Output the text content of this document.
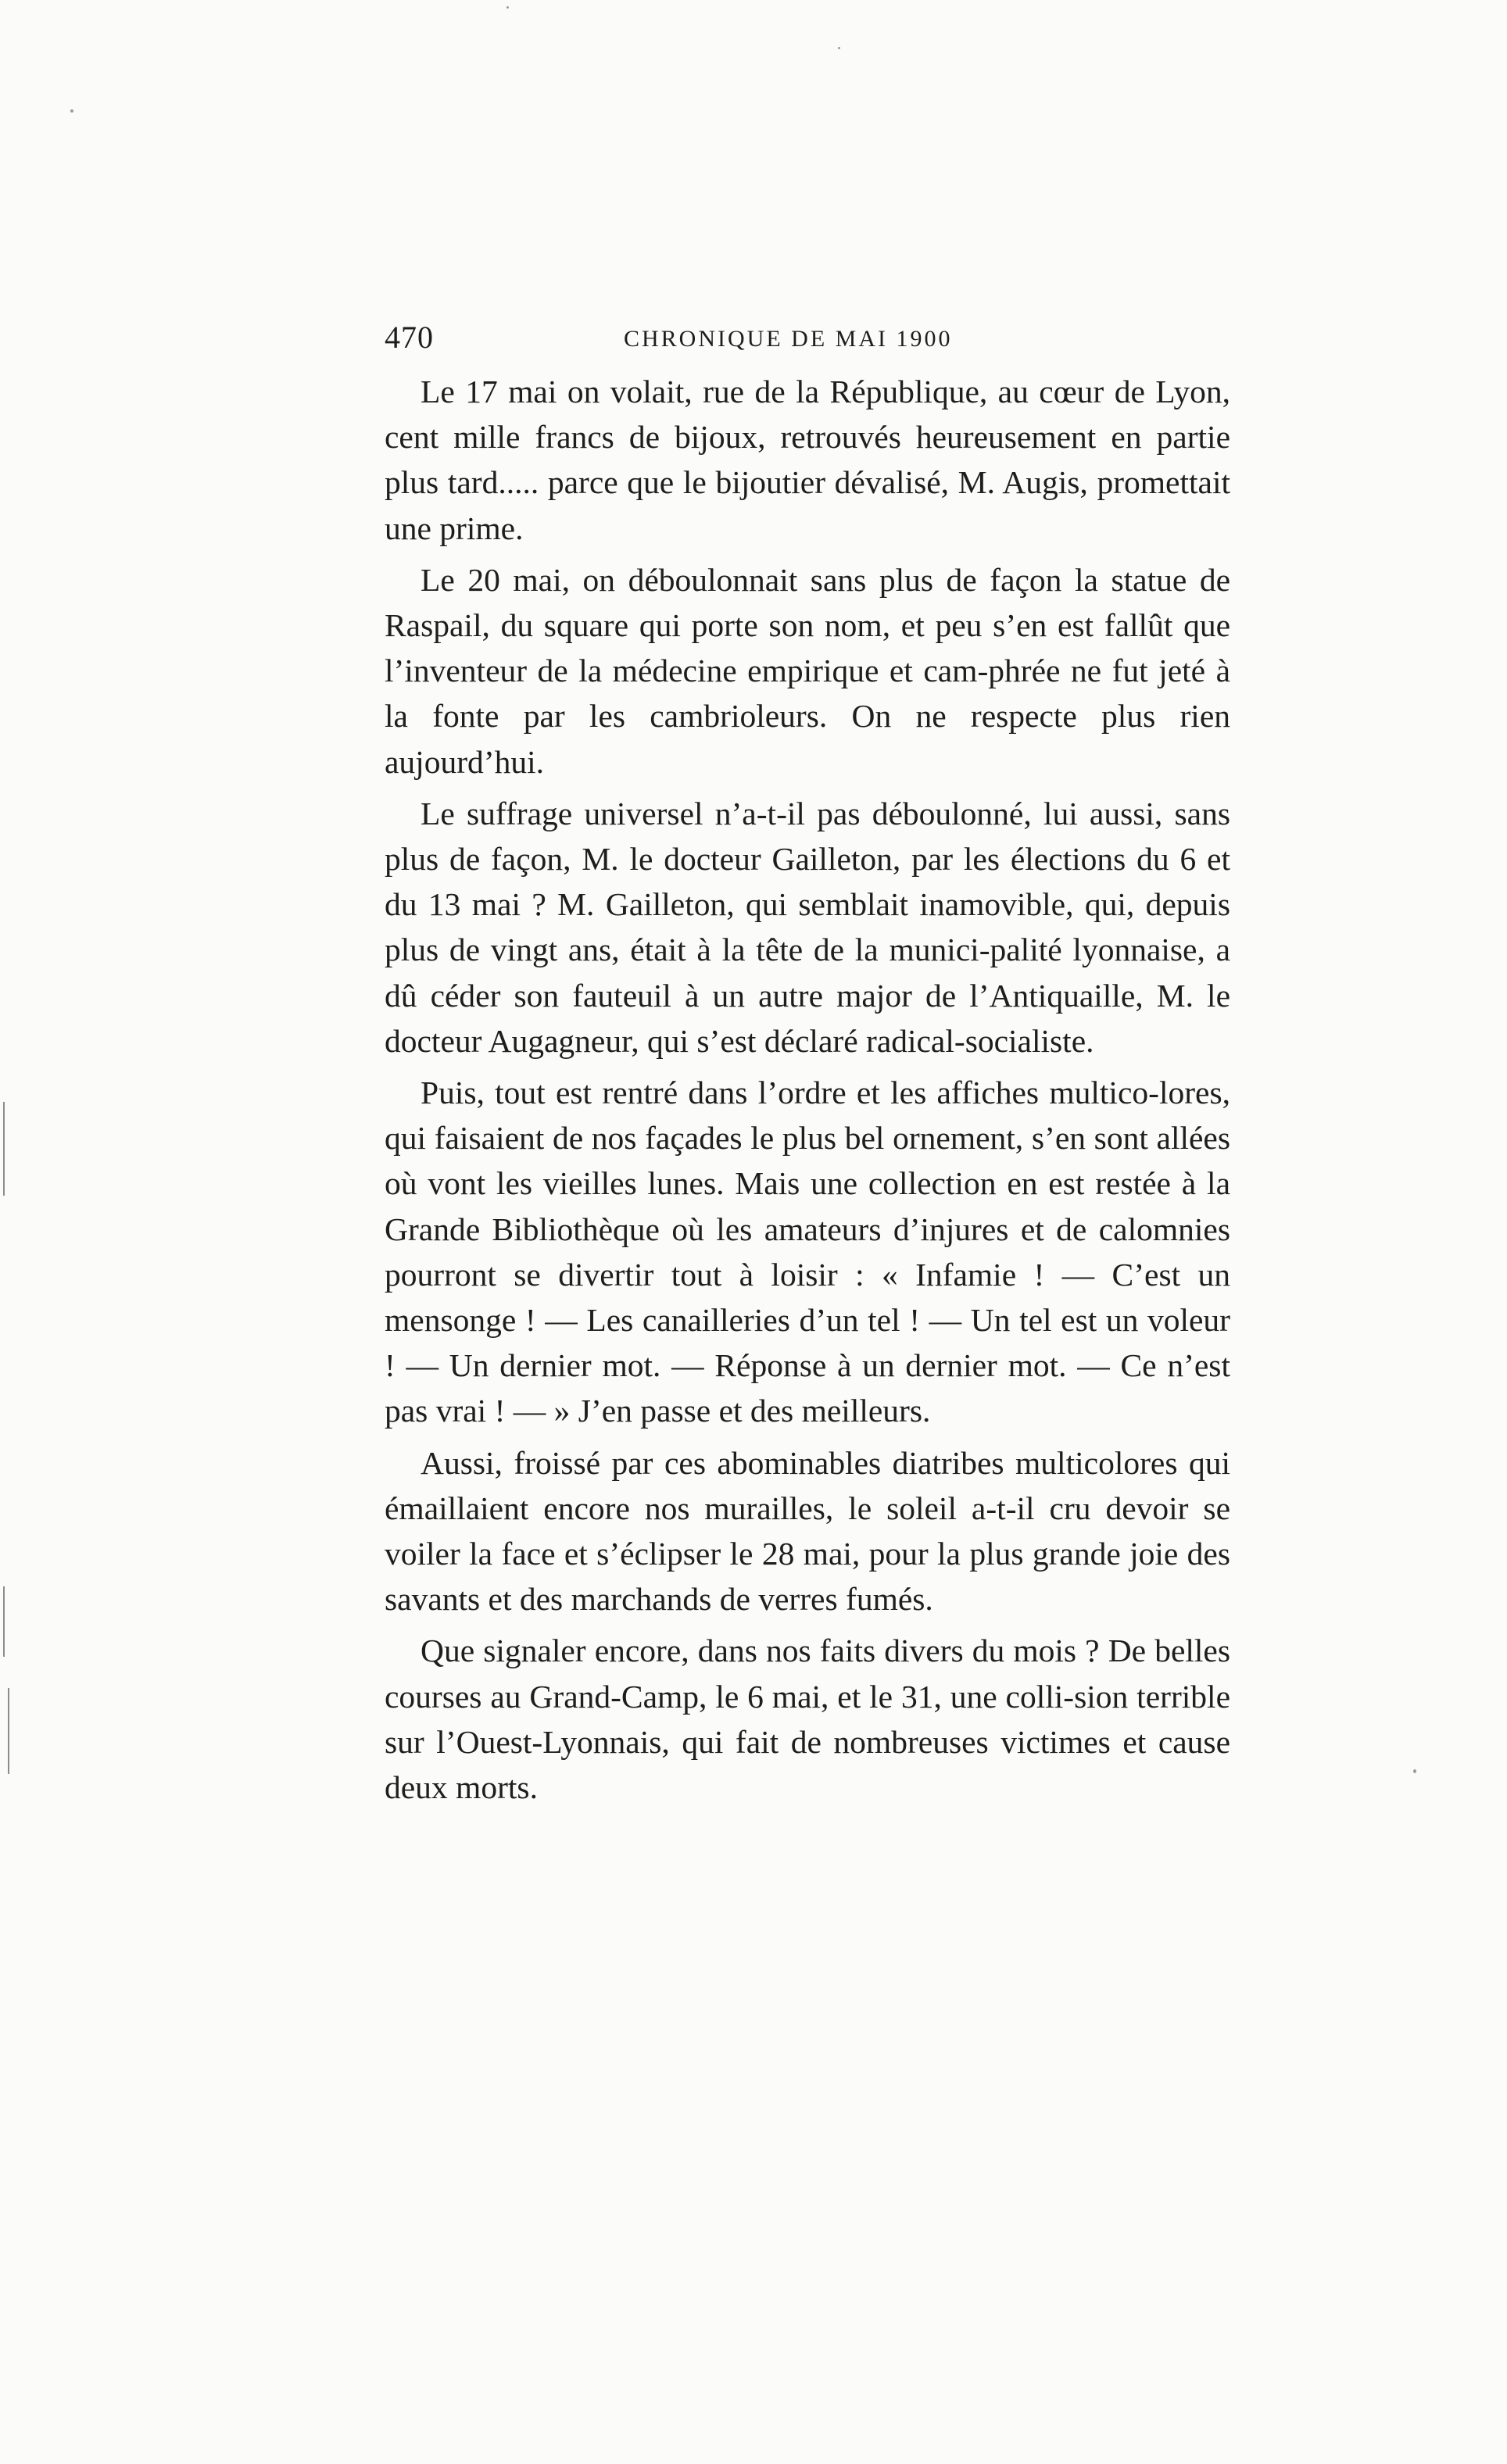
470	CHRONIQUE DE MAI 1900

Le 17 mai on volait, rue de la République, au cœur de Lyon, cent mille francs de bijoux, retrouvés heureusement en partie plus tard..... parce que le bijoutier dévalisé, M. Augis, promettait une prime.

Le 20 mai, on déboulonnait sans plus de façon la statue de Raspail, du square qui porte son nom, et peu s’en est fallût que l’inventeur de la médecine empirique et cam-phrée ne fut jeté à la fonte par les cambrioleurs. On ne respecte plus rien aujourd’hui.

Le suffrage universel n’a-t-il pas déboulonné, lui aussi, sans plus de façon, M. le docteur Gailleton, par les élections du 6 et du 13 mai ? M. Gailleton, qui semblait inamovible, qui, depuis plus de vingt ans, était à la tête de la munici-palité lyonnaise, a dû céder son fauteuil à un autre major de l’Antiquaille, M. le docteur Augagneur, qui s’est déclaré radical-socialiste.

Puis, tout est rentré dans l’ordre et les affiches multico-lores, qui faisaient de nos façades le plus bel ornement, s’en sont allées où vont les vieilles lunes. Mais une collection en est restée à la Grande Bibliothèque où les amateurs d’injures et de calomnies pourront se divertir tout à loisir : « Infamie ! — C’est un mensonge ! — Les canailleries d’un tel ! — Un tel est un voleur ! — Un dernier mot. — Réponse à un dernier mot. — Ce n’est pas vrai ! — » J’en passe et des meilleurs.

Aussi, froissé par ces abominables diatribes multicolores qui émaillaient encore nos murailles, le soleil a-t-il cru devoir se voiler la face et s’éclipser le 28 mai, pour la plus grande joie des savants et des marchands de verres fumés.

Que signaler encore, dans nos faits divers du mois ? De belles courses au Grand-Camp, le 6 mai, et le 31, une colli-sion terrible sur l’Ouest-Lyonnais, qui fait de nombreuses victimes et cause deux morts.
